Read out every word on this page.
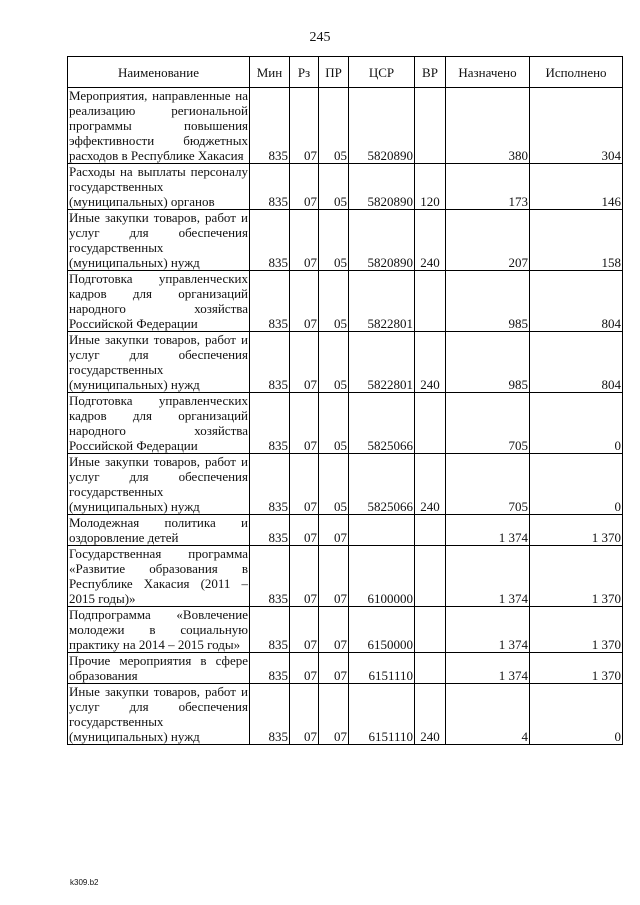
245
Наименование	Мин	Рз	ПР	ЦСР	ВР	Назначено	Исполнено
Мероприятия, направленные на реализацию региональной программы повышения эффективности бюджетных расходов в Республике Хакасия	835	07	05	5820890		380	304
Расходы на выплаты персоналу государственных (муниципальных) органов	835	07	05	5820890	120	173	146
Иные закупки товаров, работ и услуг для обеспечения государственных (муниципальных) нужд	835	07	05	5820890	240	207	158
Подготовка управленческих кадров для организаций народного хозяйства Российской Федерации	835	07	05	5822801		985	804
Иные закупки товаров, работ и услуг для обеспечения государственных (муниципальных) нужд	835	07	05	5822801	240	985	804
Подготовка управленческих кадров для организаций народного хозяйства Российской Федерации	835	07	05	5825066		705	0
Иные закупки товаров, работ и услуг для обеспечения государственных (муниципальных) нужд	835	07	05	5825066	240	705	0
Молодежная политика и оздоровление детей	835	07	07			1 374	1 370
Государственная программа «Развитие образования в Республике Хакасия (2011 – 2015 годы)»	835	07	07	6100000		1 374	1 370
Подпрограмма «Вовлечение молодежи в социальную практику на 2014 – 2015 годы»	835	07	07	6150000		1 374	1 370
Прочие мероприятия в сфере образования	835	07	07	6151110		1 374	1 370
Иные закупки товаров, работ и услуг для обеспечения государственных (муниципальных) нужд	835	07	07	6151110	240	4	0
k309.b2
